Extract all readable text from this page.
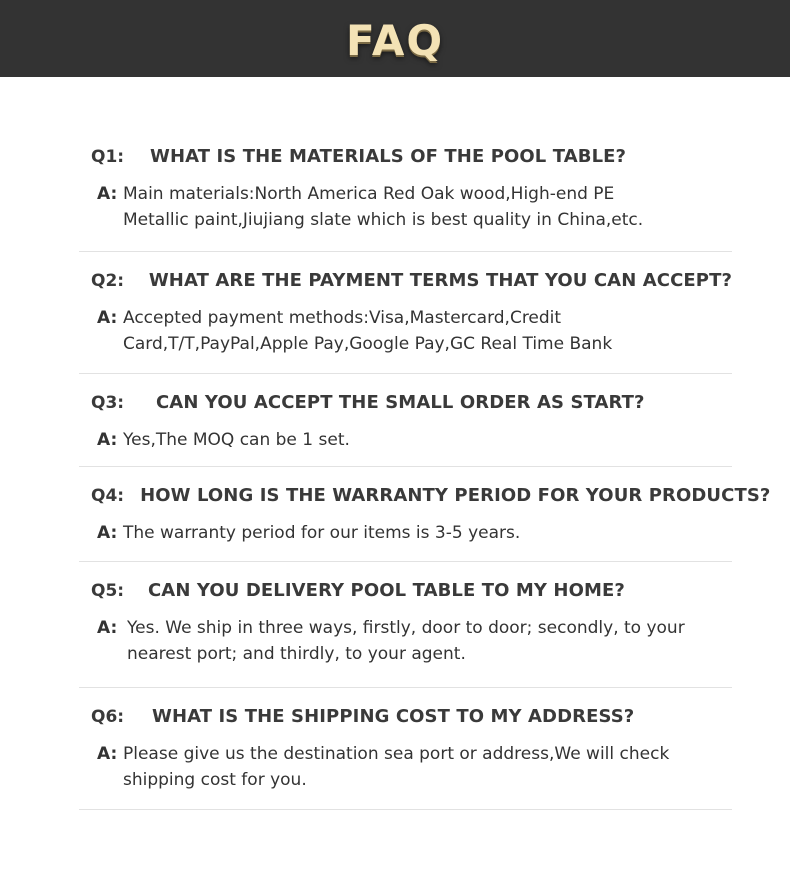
FAQ
Q1:	WHAT IS THE MATERIALS OF THE POOL TABLE?
A: Main materials:North America Red Oak wood,High-end PE Metallic paint,Jiujiang slate which is best quality in China,etc.
Q2:	WHAT ARE THE PAYMENT TERMS THAT YOU CAN ACCEPT?
A: Accepted payment methods:Visa,Mastercard,Credit Card,T/T,PayPal,Apple Pay,Google Pay,GC Real Time Bank
Q3:	CAN YOU ACCEPT THE SMALL ORDER AS START?
A: Yes,The MOQ can be 1 set.
Q4: HOW LONG IS THE WARRANTY PERIOD FOR YOUR PRODUCTS?
A: The warranty period for our items is 3-5 years.
Q5:	CAN YOU DELIVERY POOL TABLE TO MY HOME?
A: Yes. We ship in three ways, firstly, door to door; secondly, to your nearest port; and thirdly, to your agent.
Q6:	WHAT IS THE SHIPPING COST TO MY ADDRESS?
A: Please give us the destination sea port or address,We will check shipping cost for you.
